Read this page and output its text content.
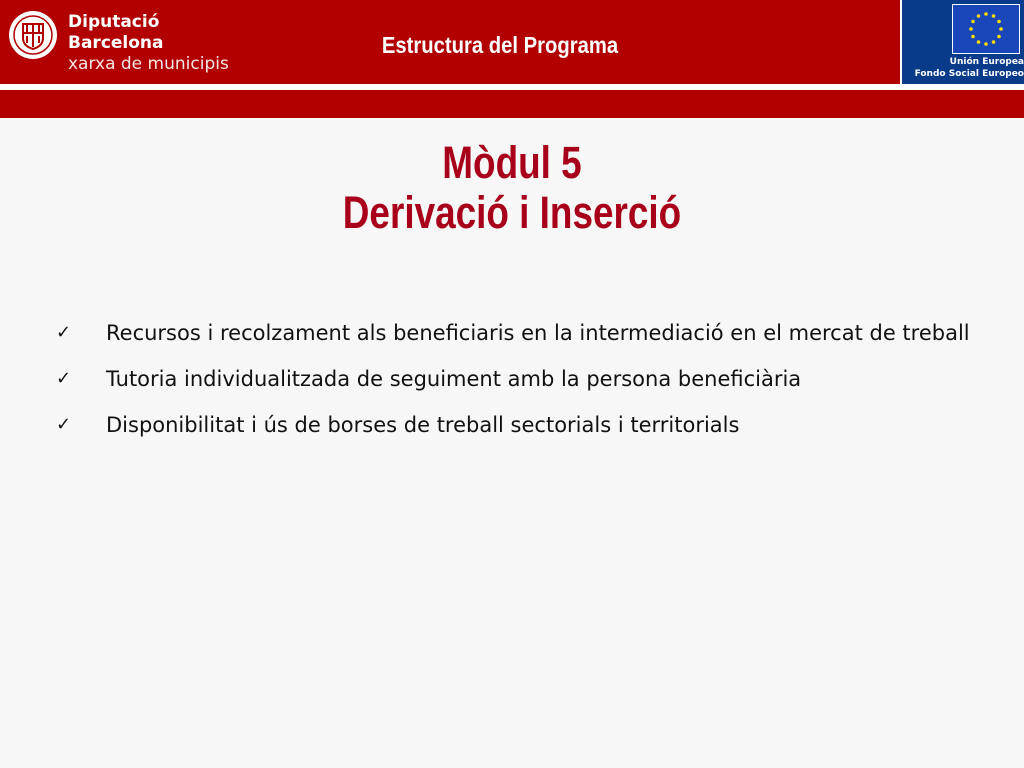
Diputació
Barcelona
xarxa de municipis
Estructura del Programa
Unión Europea
Fondo Social Europeo
Mòdul 5
Derivació i Inserció
✓ Recursos i recolzament als beneficiaris en la intermediació en el mercat de treball
✓ Tutoria individualitzada de seguiment amb la persona beneficiària
✓ Disponibilitat i ús de borses de treball sectorials i territorials
